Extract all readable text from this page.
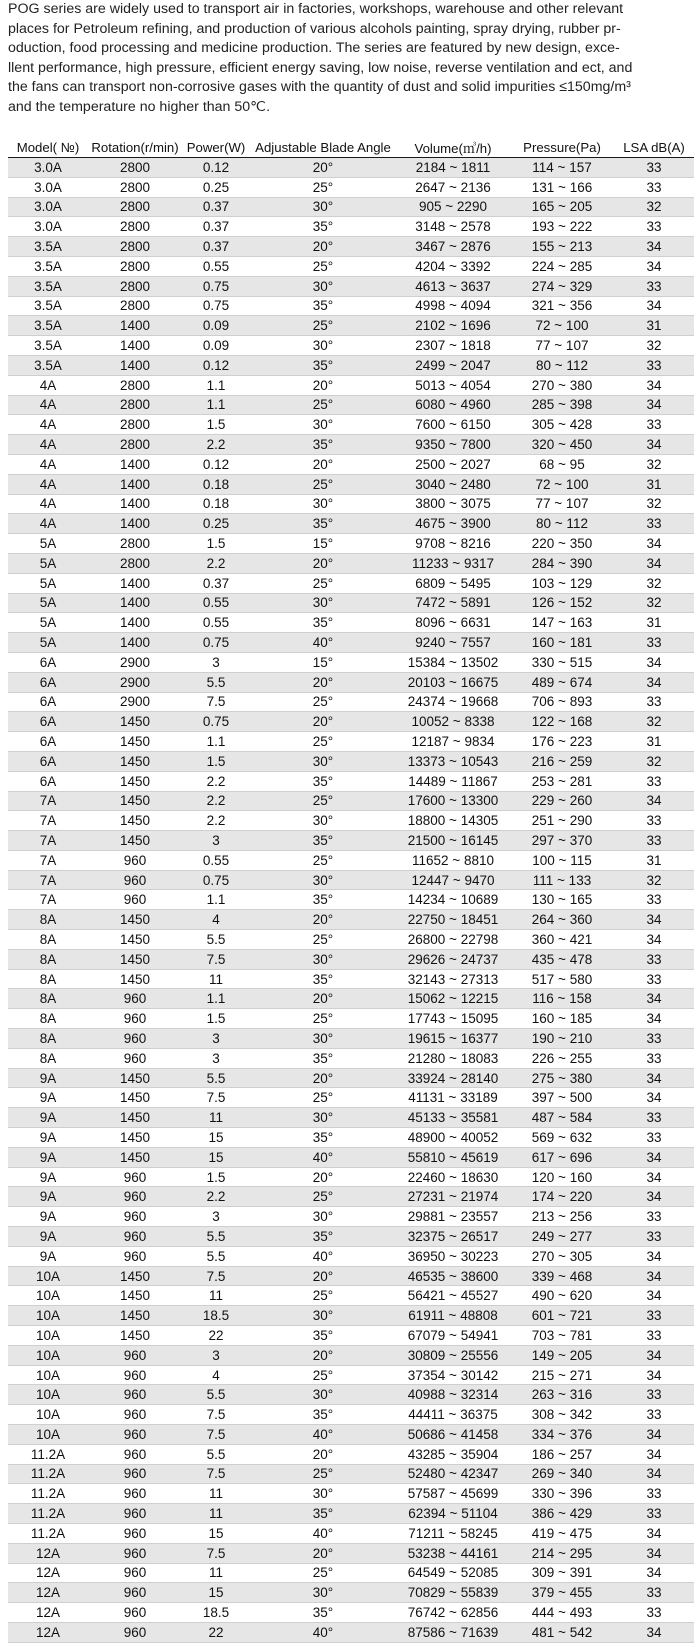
POG series are widely used to transport air in factories, workshops, warehouse and other relevant

places for Petroleum refining, and production of various alcohols painting, spray drying, rubber pr-

oduction, food processing and medicine production. The series are featured by new design, exce-

llent performance, high pressure, efficient energy saving, low noise, reverse ventilation and ect, and

the fans can transport non-corrosive gases with the quantity of dust and solid impurities ≤150mg/m³

and the temperature no higher than 50℃.

Model( №)	Rotation(r/min)	Power(W)	Adjustable Blade Angle	Volume(㎥/h)	Pressure(Pa)	LSA dB(A)
3.0A	2800	0.12	20°	2184 ~ 1811	114 ~ 157	33
3.0A	2800	0.25	25°	2647 ~ 2136	131 ~ 166	33
3.0A	2800	0.37	30°	905 ~ 2290	165 ~ 205	32
3.0A	2800	0.37	35°	3148 ~ 2578	193 ~ 222	33
3.5A	2800	0.37	20°	3467 ~ 2876	155 ~ 213	34
3.5A	2800	0.55	25°	4204 ~ 3392	224 ~ 285	34
3.5A	2800	0.75	30°	4613 ~ 3637	274 ~ 329	33
3.5A	2800	0.75	35°	4998 ~ 4094	321 ~ 356	34
3.5A	1400	0.09	25°	2102 ~ 1696	72 ~ 100	31
3.5A	1400	0.09	30°	2307 ~ 1818	77 ~ 107	32
3.5A	1400	0.12	35°	2499 ~ 2047	80 ~ 112	33
4A	2800	1.1	20°	5013 ~ 4054	270 ~ 380	34
4A	2800	1.1	25°	6080 ~ 4960	285 ~ 398	34
4A	2800	1.5	30°	7600 ~ 6150	305 ~ 428	33
4A	2800	2.2	35°	9350 ~ 7800	320 ~ 450	34
4A	1400	0.12	20°	2500 ~ 2027	68 ~ 95	32
4A	1400	0.18	25°	3040 ~ 2480	72 ~ 100	31
4A	1400	0.18	30°	3800 ~ 3075	77 ~ 107	32
4A	1400	0.25	35°	4675 ~ 3900	80 ~ 112	33
5A	2800	1.5	15°	9708 ~ 8216	220 ~ 350	34
5A	2800	2.2	20°	11233 ~ 9317	284 ~ 390	34
5A	1400	0.37	25°	6809 ~ 5495	103 ~ 129	32
5A	1400	0.55	30°	7472 ~ 5891	126 ~ 152	32
5A	1400	0.55	35°	8096 ~ 6631	147 ~ 163	31
5A	1400	0.75	40°	9240 ~ 7557	160 ~ 181	33
6A	2900	3	15°	15384 ~ 13502	330 ~ 515	34
6A	2900	5.5	20°	20103 ~ 16675	489 ~ 674	34
6A	2900	7.5	25°	24374 ~ 19668	706 ~ 893	33
6A	1450	0.75	20°	10052 ~ 8338	122 ~ 168	32
6A	1450	1.1	25°	12187 ~ 9834	176 ~ 223	31
6A	1450	1.5	30°	13373 ~ 10543	216 ~ 259	32
6A	1450	2.2	35°	14489 ~ 11867	253 ~ 281	33
7A	1450	2.2	25°	17600 ~ 13300	229 ~ 260	34
7A	1450	2.2	30°	18800 ~ 14305	251 ~ 290	33
7A	1450	3	35°	21500 ~ 16145	297 ~ 370	33
7A	960	0.55	25°	11652 ~ 8810	100 ~ 115	31
7A	960	0.75	30°	12447 ~ 9470	111 ~ 133	32
7A	960	1.1	35°	14234 ~ 10689	130 ~ 165	33
8A	1450	4	20°	22750 ~ 18451	264 ~ 360	34
8A	1450	5.5	25°	26800 ~ 22798	360 ~ 421	34
8A	1450	7.5	30°	29626 ~ 24737	435 ~ 478	33
8A	1450	11	35°	32143 ~ 27313	517 ~ 580	33
8A	960	1.1	20°	15062 ~ 12215	116 ~ 158	34
8A	960	1.5	25°	17743 ~ 15095	160 ~ 185	34
8A	960	3	30°	19615 ~ 16377	190 ~ 210	33
8A	960	3	35°	21280 ~ 18083	226 ~ 255	33
9A	1450	5.5	20°	33924 ~ 28140	275 ~ 380	34
9A	1450	7.5	25°	41131 ~ 33189	397 ~ 500	34
9A	1450	11	30°	45133 ~ 35581	487 ~ 584	33
9A	1450	15	35°	48900 ~ 40052	569 ~ 632	33
9A	1450	15	40°	55810 ~ 45619	617 ~ 696	34
9A	960	1.5	20°	22460 ~ 18630	120 ~ 160	34
9A	960	2.2	25°	27231 ~ 21974	174 ~ 220	34
9A	960	3	30°	29881 ~ 23557	213 ~ 256	33
9A	960	5.5	35°	32375 ~ 26517	249 ~ 277	33
9A	960	5.5	40°	36950 ~ 30223	270 ~ 305	34
10A	1450	7.5	20°	46535 ~ 38600	339 ~ 468	34
10A	1450	11	25°	56421 ~ 45527	490 ~ 620	34
10A	1450	18.5	30°	61911 ~ 48808	601 ~ 721	33
10A	1450	22	35°	67079 ~ 54941	703 ~ 781	33
10A	960	3	20°	30809 ~ 25556	149 ~ 205	34
10A	960	4	25°	37354 ~ 30142	215 ~ 271	34
10A	960	5.5	30°	40988 ~ 32314	263 ~ 316	33
10A	960	7.5	35°	44411 ~ 36375	308 ~ 342	33
10A	960	7.5	40°	50686 ~ 41458	334 ~ 376	34
11.2A	960	5.5	20°	43285 ~ 35904	186 ~ 257	34
11.2A	960	7.5	25°	52480 ~ 42347	269 ~ 340	34
11.2A	960	11	30°	57587 ~ 45699	330 ~ 396	33
11.2A	960	11	35°	62394 ~ 51104	386 ~ 429	33
11.2A	960	15	40°	71211 ~ 58245	419 ~ 475	34
12A	960	7.5	20°	53238 ~ 44161	214 ~ 295	34
12A	960	11	25°	64549 ~ 52085	309 ~ 391	34
12A	960	15	30°	70829 ~ 55839	379 ~ 455	33
12A	960	18.5	35°	76742 ~ 62856	444 ~ 493	33
12A	960	22	40°	87586 ~ 71639	481 ~ 542	34
